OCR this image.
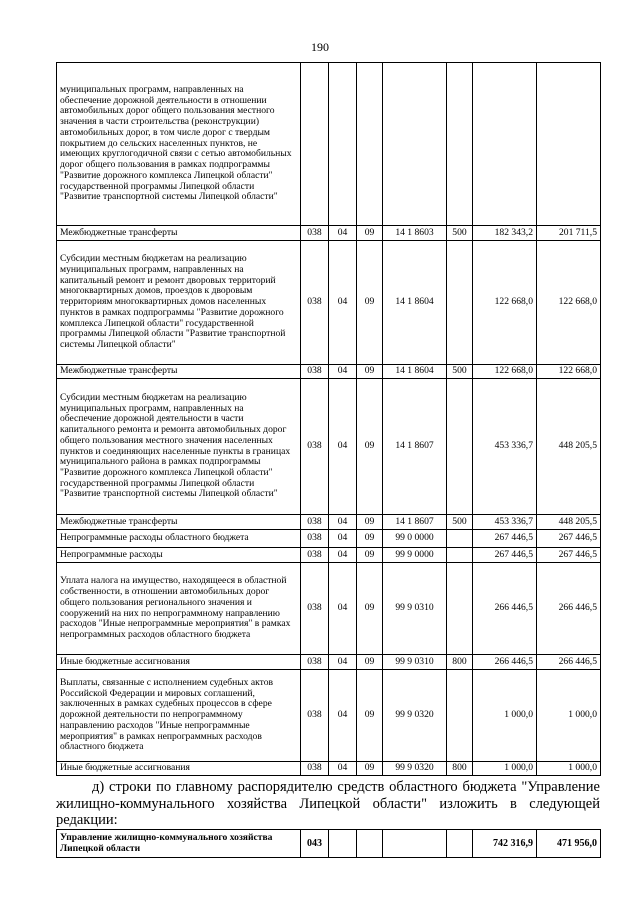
190
муниципальных программ, направленных на обеспечение дорожной деятельности в отношении автомобильных дорог общего пользования местного значения в части строительства (реконструкции) автомобильных дорог, в том числе дорог с твердым покрытием до сельских населенных пунктов, не имеющих круглогодичной связи с сетью автомобильных дорог общего пользования в рамках подпрограммы "Развитие дорожного комплекса Липецкой области" государственной программы Липецкой области "Развитие транспортной системы Липецкой области"							
Межбюджетные трансферты	038	04	09	14 1 8603	500	182 343,2	201 711,5
Субсидии местным бюджетам на реализацию муниципальных программ, направленных на капитальный ремонт и ремонт дворовых территорий многоквартирных домов, проездов к дворовым территориям многоквартирных домов населенных пунктов в рамках подпрограммы "Развитие дорожного комплекса Липецкой области" государственной программы Липецкой области "Развитие транспортной системы Липецкой области"	038	04	09	14 1 8604		122 668,0	122 668,0
Межбюджетные трансферты	038	04	09	14 1 8604	500	122 668,0	122 668,0
Субсидии местным бюджетам на реализацию муниципальных программ, направленных на обеспечение дорожной деятельности в части капитального ремонта и ремонта автомобильных дорог общего пользования местного значения населенных пунктов и соединяющих населенные пункты в границах муниципального района в рамках подпрограммы "Развитие дорожного комплекса Липецкой области" государственной программы Липецкой области "Развитие транспортной системы Липецкой области"	038	04	09	14 1 8607		453 336,7	448 205,5
Межбюджетные трансферты	038	04	09	14 1 8607	500	453 336,7	448 205,5
Непрограммные расходы областного бюджета	038	04	09	99 0 0000		267 446,5	267 446,5
Непрограммные расходы	038	04	09	99 9 0000		267 446,5	267 446,5
Уплата налога на имущество, находящееся в областной собственности, в отношении автомобильных дорог общего пользования регионального значения и сооружений на них по непрограммному направлению расходов "Иные непрограммные мероприятия" в рамках непрограммных расходов областного бюджета	038	04	09	99 9 0310		266 446,5	266 446,5
Иные бюджетные ассигнования	038	04	09	99 9 0310	800	266 446,5	266 446,5
Выплаты, связанные с исполнением судебных актов Российской Федерации и мировых соглашений, заключенных в рамках судебных процессов в сфере дорожной деятельности по непрограммному направлению расходов "Иные непрограммные мероприятия" в рамках непрограммных расходов областного бюджета	038	04	09	99 9 0320		1 000,0	1 000,0
Иные бюджетные ассигнования	038	04	09	99 9 0320	800	1 000,0	1 000,0

д) строки по главному распорядителю средств областного бюджета "Управление жилищно-коммунального хозяйства Липецкой области" изложить в следующей редакции:

Управление жилищно-коммунального хозяйства Липецкой области	043					742 316,9	471 956,0
